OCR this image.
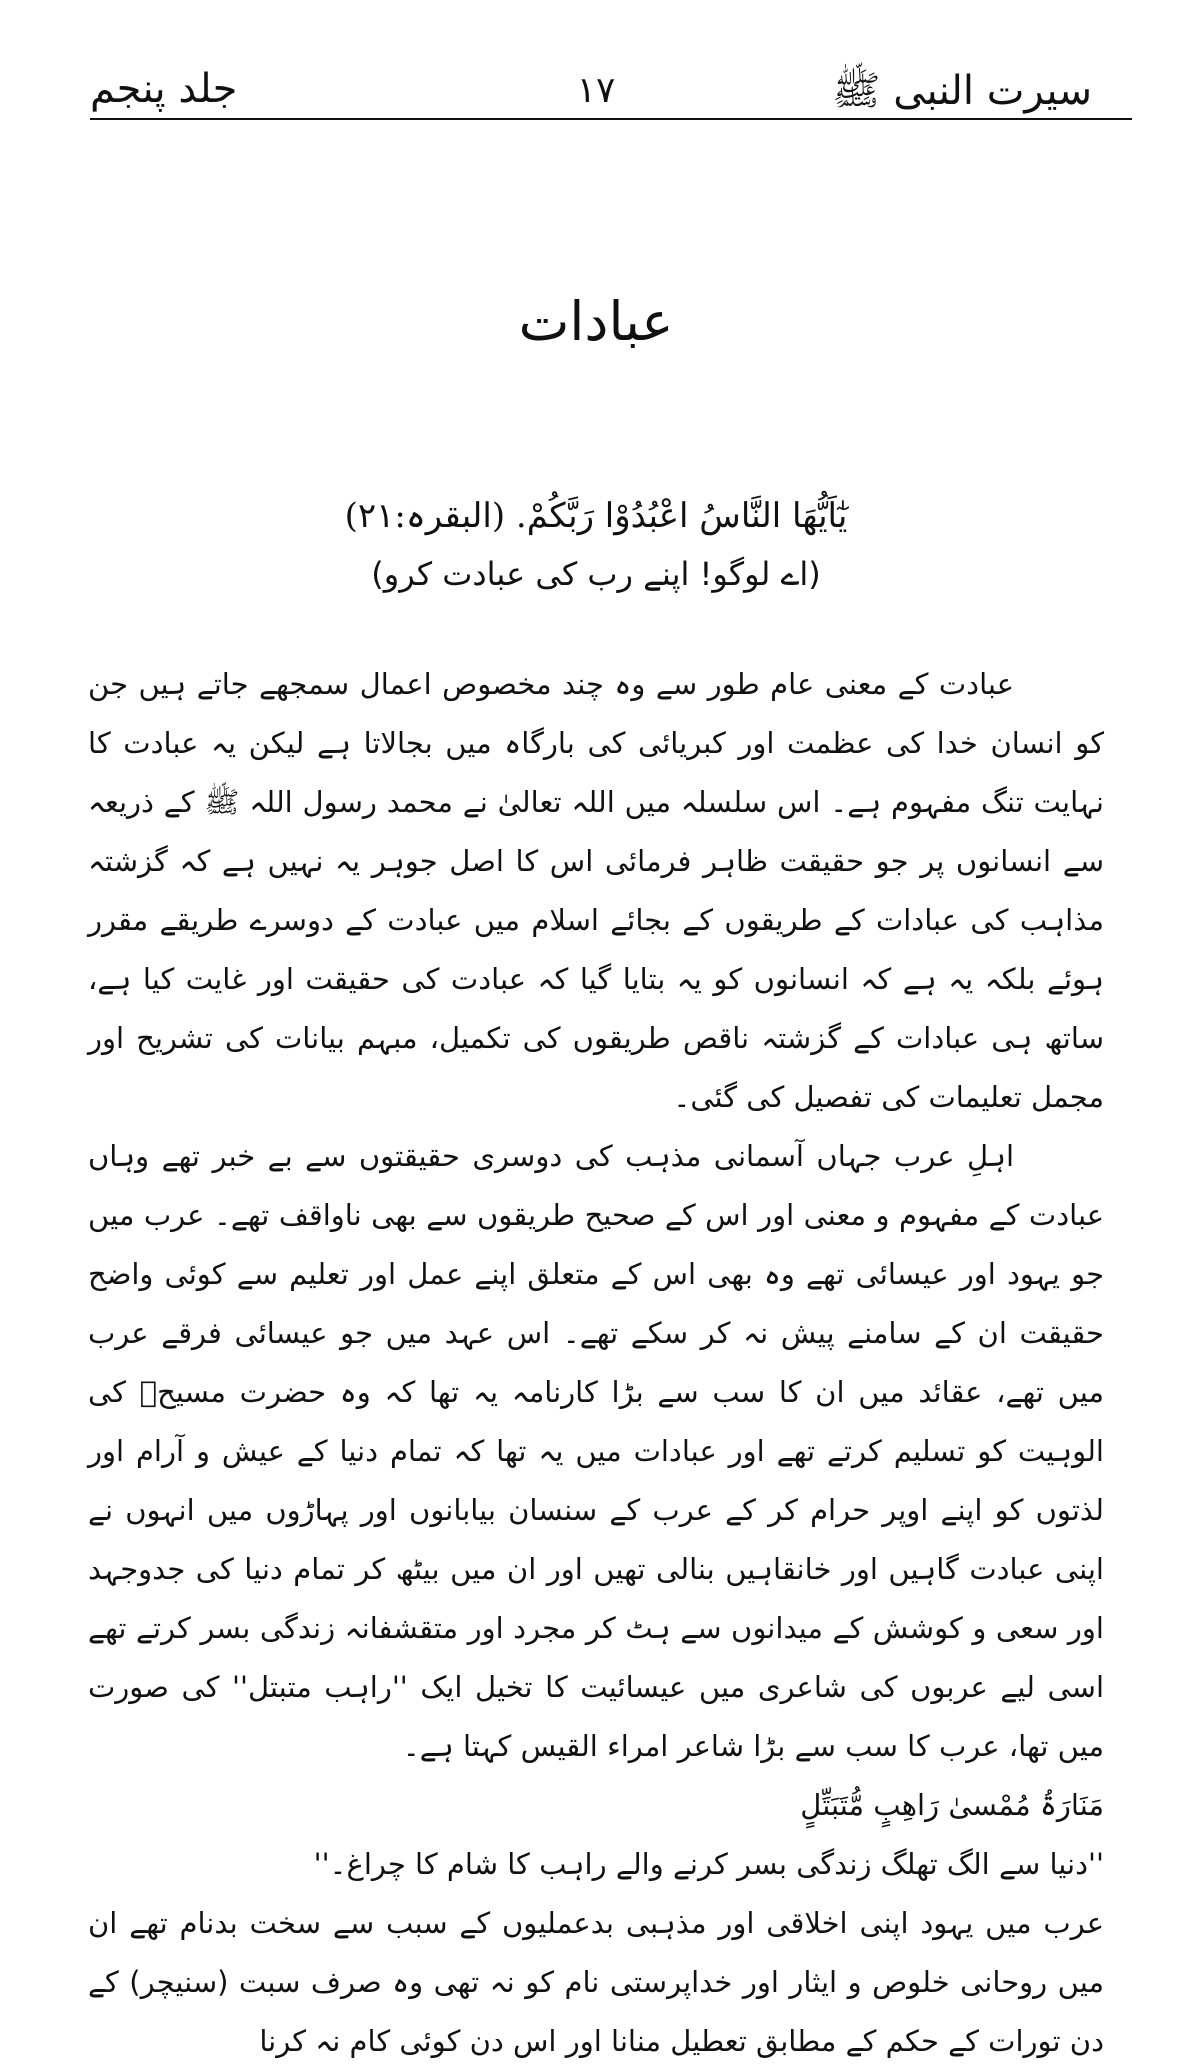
سیرت النبی ﷺ
١٧
جلد پنجم
عبادات
یٰٓاَیُّھَا النَّاسُ اعْبُدُوْا رَبَّکُمْ. (البقرہ:۲۱)
(اے لوگو! اپنے رب کی عبادت کرو)

عبادت کے معنی عام طور سے وہ چند مخصوص اعمال سمجھے جاتے ہیں جن کو انسان خدا کی عظمت اور کبریائی کی بارگاہ میں بجالاتا ہے لیکن یہ عبادت کا نہایت تنگ مفہوم ہے۔ اس سلسلہ میں اللہ تعالیٰ نے محمد رسول اللہ ﷺ کے ذریعہ سے انسانوں پر جو حقیقت ظاہر فرمائی اس کا اصل جوہر یہ نہیں ہے کہ گزشتہ مذاہب کی عبادات کے طریقوں کے بجائے اسلام میں عبادت کے دوسرے طریقے مقرر ہوئے بلکہ یہ ہے کہ انسانوں کو یہ بتایا گیا کہ عبادت کی حقیقت اور غایت کیا ہے، ساتھ ہی عبادات کے گزشتہ ناقص طریقوں کی تکمیل، مبہم بیانات کی تشریح اور مجمل تعلیمات کی تفصیل کی گئی۔

اہلِ عرب جہاں آسمانی مذہب کی دوسری حقیقتوں سے بے خبر تھے وہاں عبادت کے مفہوم و معنی اور اس کے صحیح طریقوں سے بھی ناواقف تھے۔ عرب میں جو یہود اور عیسائی تھے وہ بھی اس کے متعلق اپنے عمل اور تعلیم سے کوئی واضح حقیقت ان کے سامنے پیش نہ کر سکے تھے۔ اس عہد میں جو عیسائی فرقے عرب میں تھے، عقائد میں ان کا سب سے بڑا کارنامہ یہ تھا کہ وہ حضرت مسیحؑ کی الوہیت کو تسلیم کرتے تھے اور عبادات میں یہ تھا کہ تمام دنیا کے عیش و آرام اور لذتوں کو اپنے اوپر حرام کر کے عرب کے سنسان بیابانوں اور پہاڑوں میں انہوں نے اپنی عبادت گاہیں اور خانقاہیں بنالی تھیں اور ان میں بیٹھ کر تمام دنیا کی جدوجہد اور سعی و کوشش کے میدانوں سے ہٹ کر مجرد اور متقشفانہ زندگی بسر کرتے تھے اسی لیے عربوں کی شاعری میں عیسائیت کا تخیل ایک ''راہب متبتل'' کی صورت میں تھا، عرب کا سب سے بڑا شاعر امراء القیس کہتا ہے۔

مَنَارَۃُ مُمْسیٰ رَاھِبٍ مُّتَبَتِّلٍ

''دنیا سے الگ تھلگ زندگی بسر کرنے والے راہب کا شام کا چراغ۔''

عرب میں یہود اپنی اخلاقی اور مذہبی بدعملیوں کے سبب سے سخت بدنام تھے ان میں روحانی خلوص و ایثار اور خداپرستی نام کو نہ تھی وہ صرف سبت (سنیچر) کے دن تورات کے حکم کے مطابق تعطیل منانا اور اس دن کوئی کام نہ کرنا
